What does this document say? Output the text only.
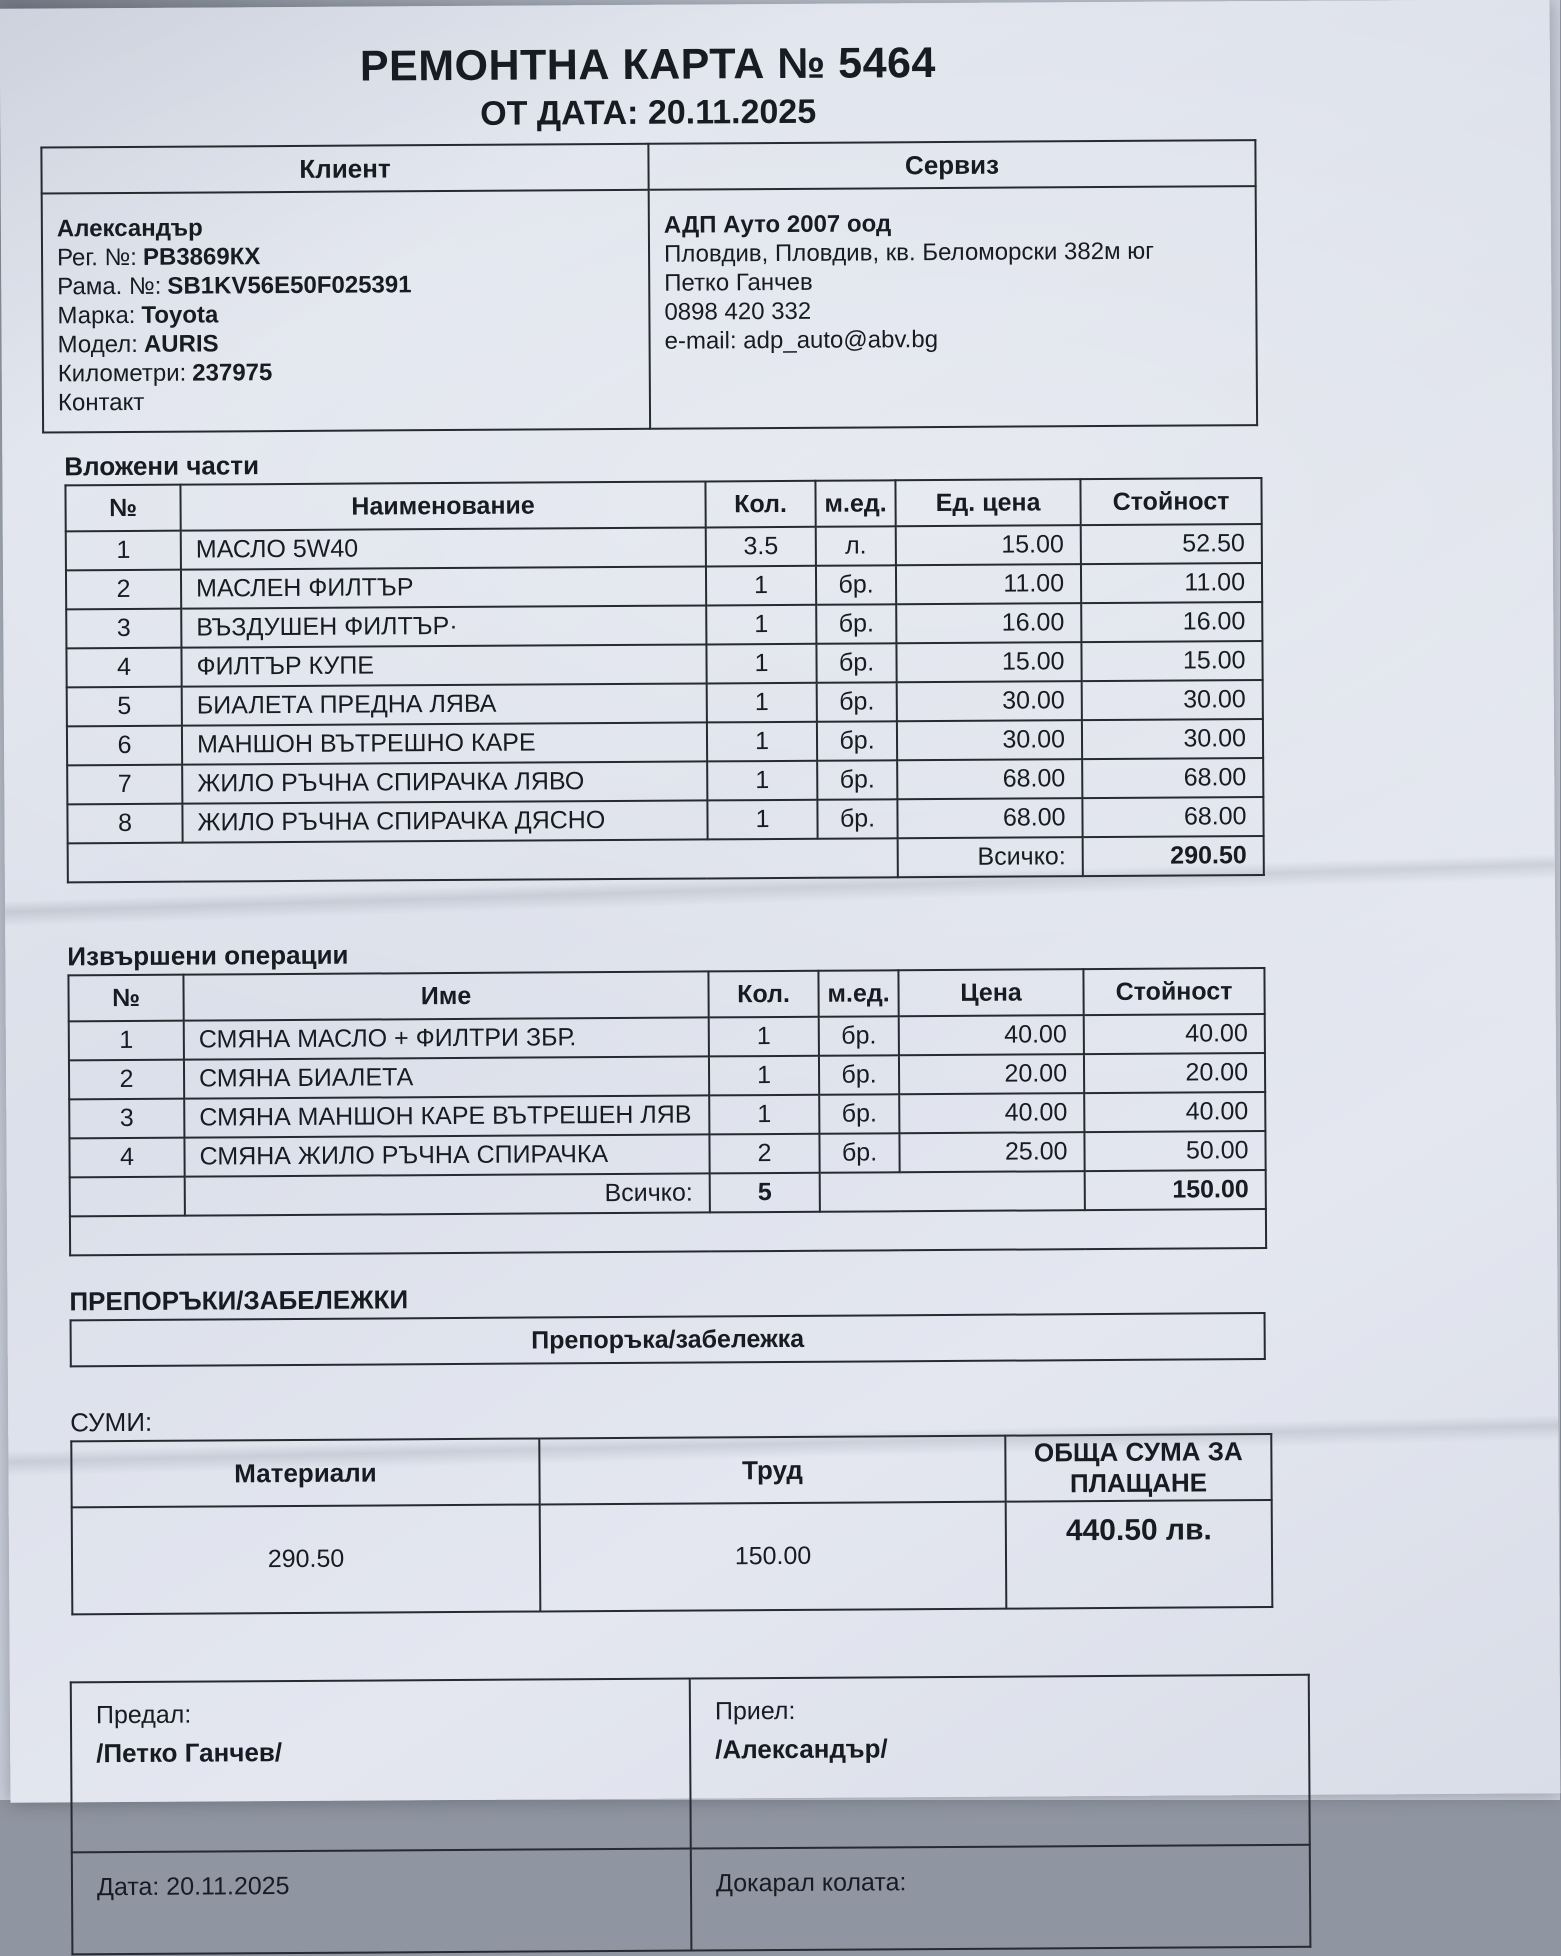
РЕМОНТНА КАРТА № 5464
ОТ ДАТА: 20.11.2025
Клиент	Сервиз

Александър
Рег. №: РВ3869КХ
Рама. №: SB1KV56E50F025391
Марка: Toyota
Модел: AURIS
Километри: 237975
Контакт

АДП Ауто 2007 оод
Пловдив, Пловдив, кв. Беломорски 382м юг
Петко Ганчев
0898 420 332
e-mail: adp_auto@abv.bg
Вложени части
№	Наименование	Кол.	м.ед.	Ед. цена	Стойност
1	МАСЛО 5W40	3.5	л.	15.00	52.50
2	МАСЛЕН ФИЛТЪР	1	бр.	11.00	11.00
3	ВЪЗДУШЕН ФИЛТЪР·	1	бр.	16.00	16.00
4	ФИЛТЪР КУПЕ	1	бр.	15.00	15.00
5	БИАЛЕТА ПРЕДНА ЛЯВА	1	бр.	30.00	30.00
6	МАНШОН ВЪТРЕШНО КАРЕ	1	бр.	30.00	30.00
7	ЖИЛО РЪЧНА СПИРАЧКА ЛЯВО	1	бр.	68.00	68.00
8	ЖИЛО РЪЧНА СПИРАЧКА ДЯСНО	1	бр.	68.00	68.00
				Всичко:	290.50
Извършени операции
№	Име	Кол.	м.ед.	Цена	Стойност
1	СМЯНА МАСЛО + ФИЛТРИ ЗБР.	1	бр.	40.00	40.00
2	СМЯНА БИАЛЕТА	1	бр.	20.00	20.00
3	СМЯНА МАНШОН КАРЕ ВЪТРЕШЕН ЛЯВ	1	бр.	40.00	40.00
4	СМЯНА ЖИЛО РЪЧНА СПИРАЧКА	2	бр.	25.00	50.00
	Всичко:	5			150.00

ПРЕПОРЪКИ/ЗАБЕЛЕЖКИ
Препоръка/забележка
СУМИ:
Материали	Труд	ОБЩА СУМА ЗА ПЛАЩАНЕ
290.50	150.00	440.50 лв.
Предал:
/Петко Ганчев/

Приел:
/Александър/

Дата: 20.11.2025	Докарал колата:
